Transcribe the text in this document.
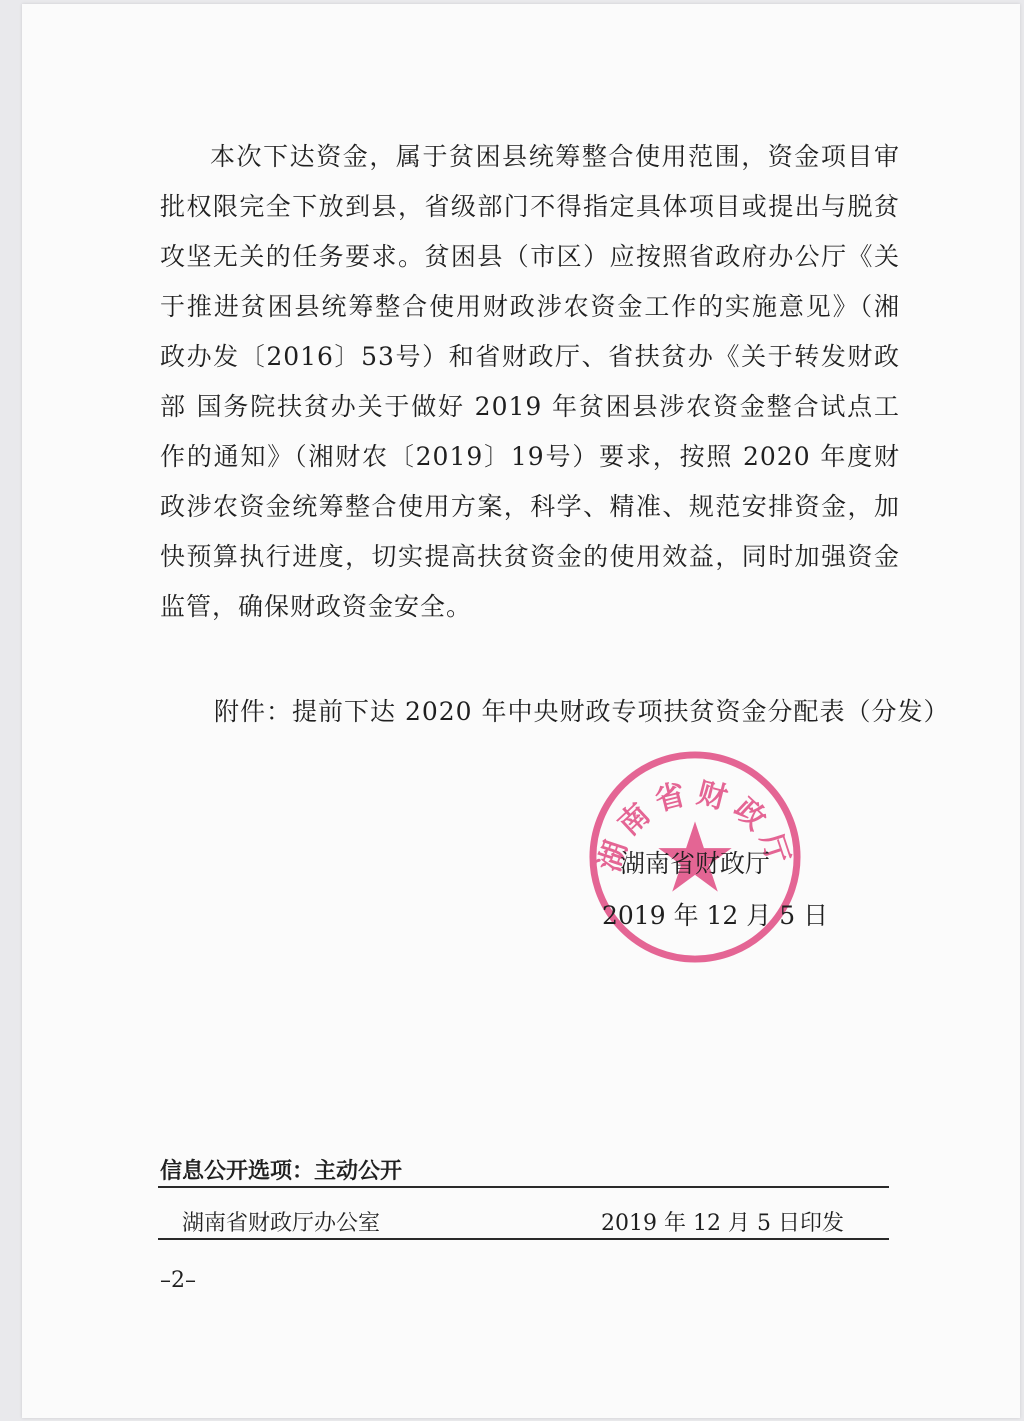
本次下达资金，属于贫困县统筹整合使用范围，资金项目审批权限完全下放到县，省级部门不得指定具体项目或提出与脱贫攻坚无关的任务要求。贫困县（市区）应按照省政府办公厅《关于推进贫困县统筹整合使用财政涉农资金工作的实施意见》（湘政办发〔2016〕53号）和省财政厅、省扶贫办《关于转发财政部 国务院扶贫办关于做好 2019 年贫困县涉农资金整合试点工作的通知》（湘财农〔2019〕19号）要求，按照 2020 年度财政涉农资金统筹整合使用方案，科学、精准、规范安排资金，加快预算执行进度，切实提高扶贫资金的使用效益，同时加强资金监管，确保财政资金安全。

附件：提前下达 2020 年中央财政专项扶贫资金分配表（分发）
湖南省财政厅
湖南省财政厅
2019 年 12 月 5 日
信息公开选项：主动公开
湖南省财政厅办公室	2019 年 12 月 5 日印发
–2–
